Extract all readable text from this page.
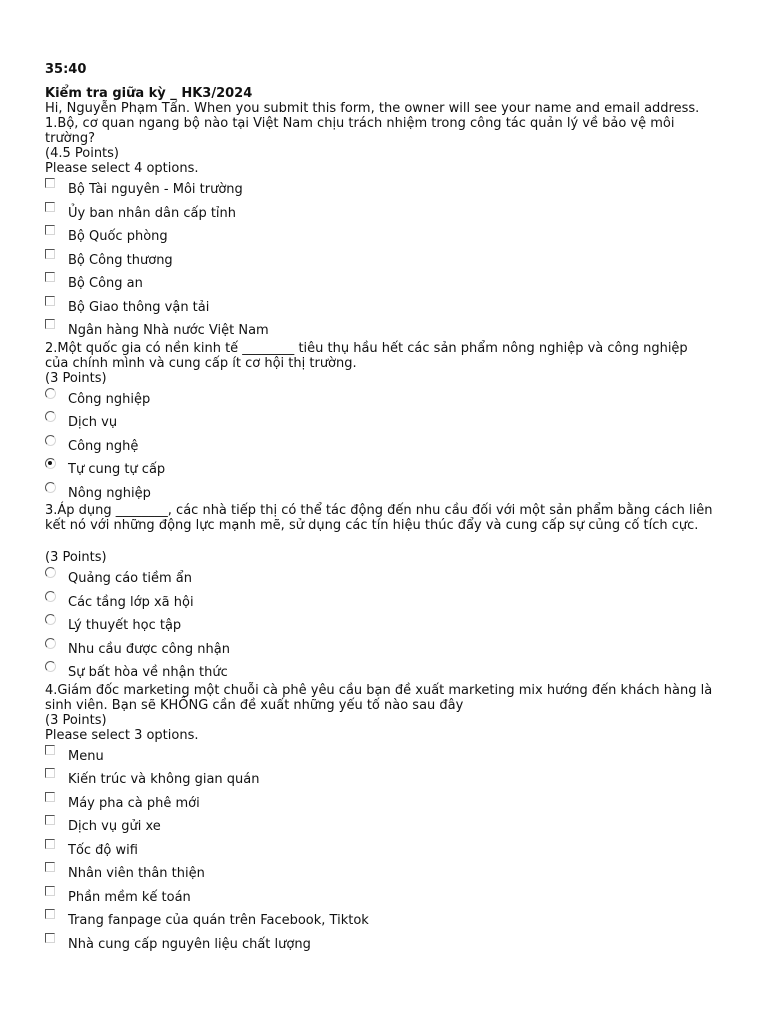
35:40
Kiểm tra giữa kỳ _ HK3/2024
Hi, Nguyễn Phạm Tấn. When you submit this form, the owner will see your name and email address.
1.Bộ, cơ quan ngang bộ nào tại Việt Nam chịu trách nhiệm trong công tác quản lý về bảo vệ môi
trường?
(4.5 Points)
Please select 4 options.
Bộ Tài nguyên - Môi trường
Ủy ban nhân dân cấp tỉnh
Bộ Quốc phòng
Bộ Công thương
Bộ Công an
Bộ Giao thông vận tải
Ngân hàng Nhà nước Việt Nam
2.Một quốc gia có nền kinh tế ________ tiêu thụ hầu hết các sản phẩm nông nghiệp và công nghiệp
của chính mình và cung cấp ít cơ hội thị trường.
(3 Points)
Công nghiệp
Dịch vụ
Công nghệ
Tự cung tự cấp
Nông nghiệp
3.Áp dụng ________, các nhà tiếp thị có thể tác động đến nhu cầu đối với một sản phẩm bằng cách liên
kết nó với những động lực mạnh mẽ, sử dụng các tín hiệu thúc đẩy và cung cấp sự củng cố tích cực.
(3 Points)
Quảng cáo tiềm ẩn
Các tầng lớp xã hội
Lý thuyết học tập
Nhu cầu được công nhận
Sự bất hòa về nhận thức
4.Giám đốc marketing một chuỗi cà phê yêu cầu bạn đề xuất marketing mix hướng đến khách hàng là
sinh viên. Bạn sẽ KHÔNG cần đề xuất những yếu tố nào sau đây
(3 Points)
Please select 3 options.
Menu
Kiến trúc và không gian quán
Máy pha cà phê mới
Dịch vụ gửi xe
Tốc độ wifi
Nhân viên thân thiện
Phần mềm kế toán
Trang fanpage của quán trên Facebook, Tiktok
Nhà cung cấp nguyên liệu chất lượng
